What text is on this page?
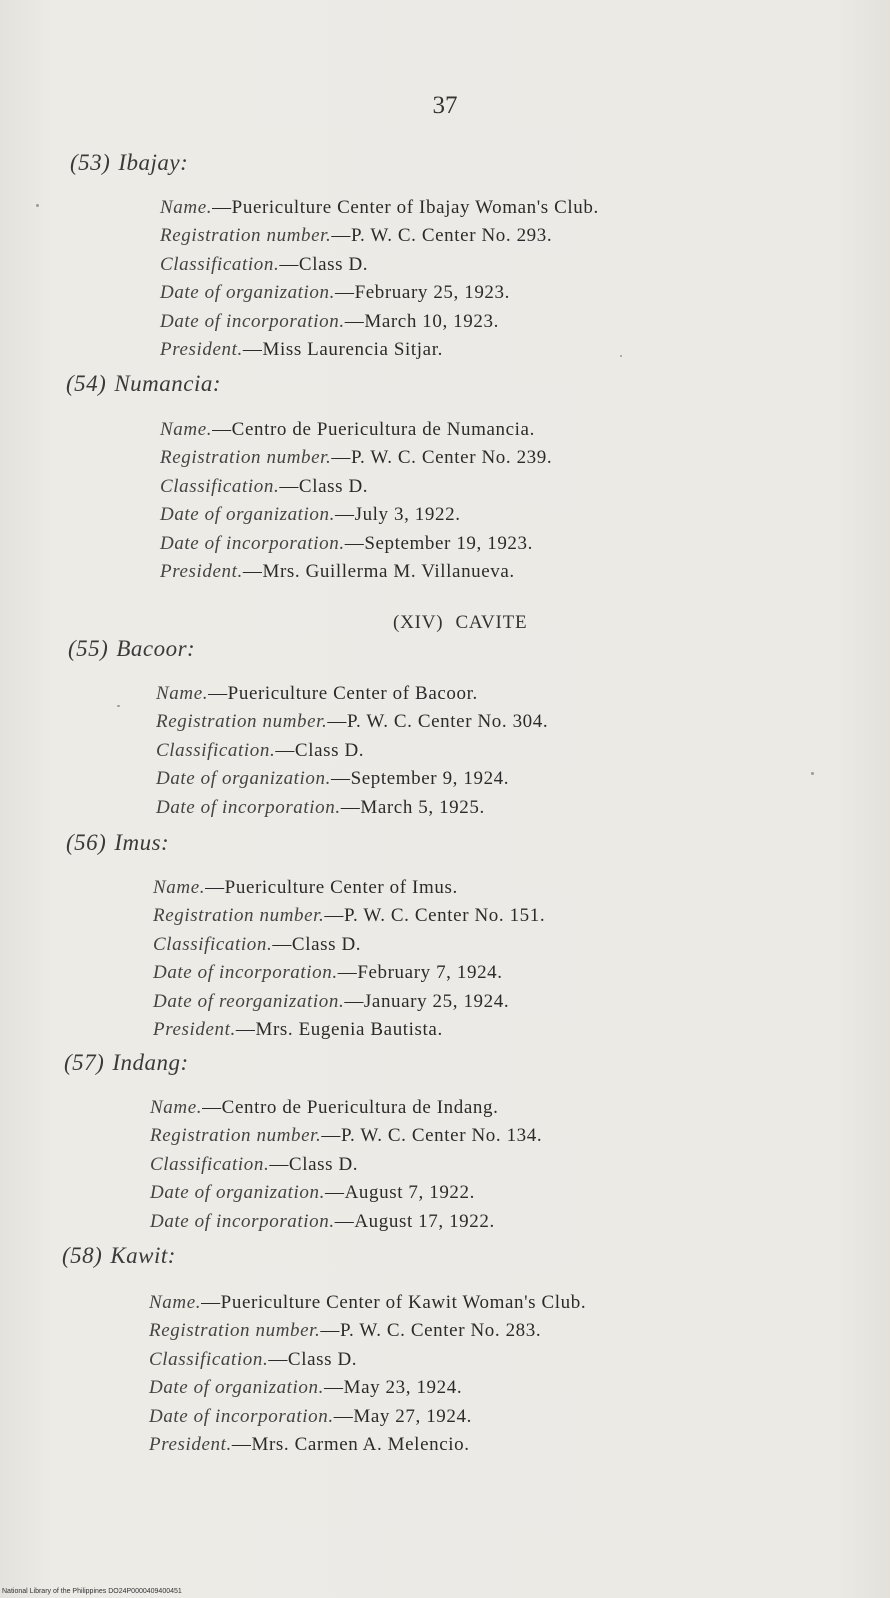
37
(53) Ibajay:
Name.—Puericulture Center of Ibajay Woman's Club.
Registration number.—P. W. C. Center No. 293.
Classification.—Class D.
Date of organization.—February 25, 1923.
Date of incorporation.—March 10, 1923.
President.—Miss Laurencia Sitjar.
(54) Numancia:
Name.—Centro de Puericultura de Numancia.
Registration number.—P. W. C. Center No. 239.
Classification.—Class D.
Date of organization.—July 3, 1922.
Date of incorporation.—September 19, 1923.
President.—Mrs. Guillerma M. Villanueva.
(XIV) CAVITE
(55) Bacoor:
Name.—Puericulture Center of Bacoor.
Registration number.—P. W. C. Center No. 304.
Classification.—Class D.
Date of organization.—September 9, 1924.
Date of incorporation.—March 5, 1925.
(56) Imus:
Name.—Puericulture Center of Imus.
Registration number.—P. W. C. Center No. 151.
Classification.—Class D.
Date of incorporation.—February 7, 1924.
Date of reorganization.—January 25, 1924.
President.—Mrs. Eugenia Bautista.
(57) Indang:
Name.—Centro de Puericultura de Indang.
Registration number.—P. W. C. Center No. 134.
Classification.—Class D.
Date of organization.—August 7, 1922.
Date of incorporation.—August 17, 1922.
(58) Kawit:
Name.—Puericulture Center of Kawit Woman's Club.
Registration number.—P. W. C. Center No. 283.
Classification.—Class D.
Date of organization.—May 23, 1924.
Date of incorporation.—May 27, 1924.
President.—Mrs. Carmen A. Melencio.
National Library of the Philippines DO24P0000409400451
